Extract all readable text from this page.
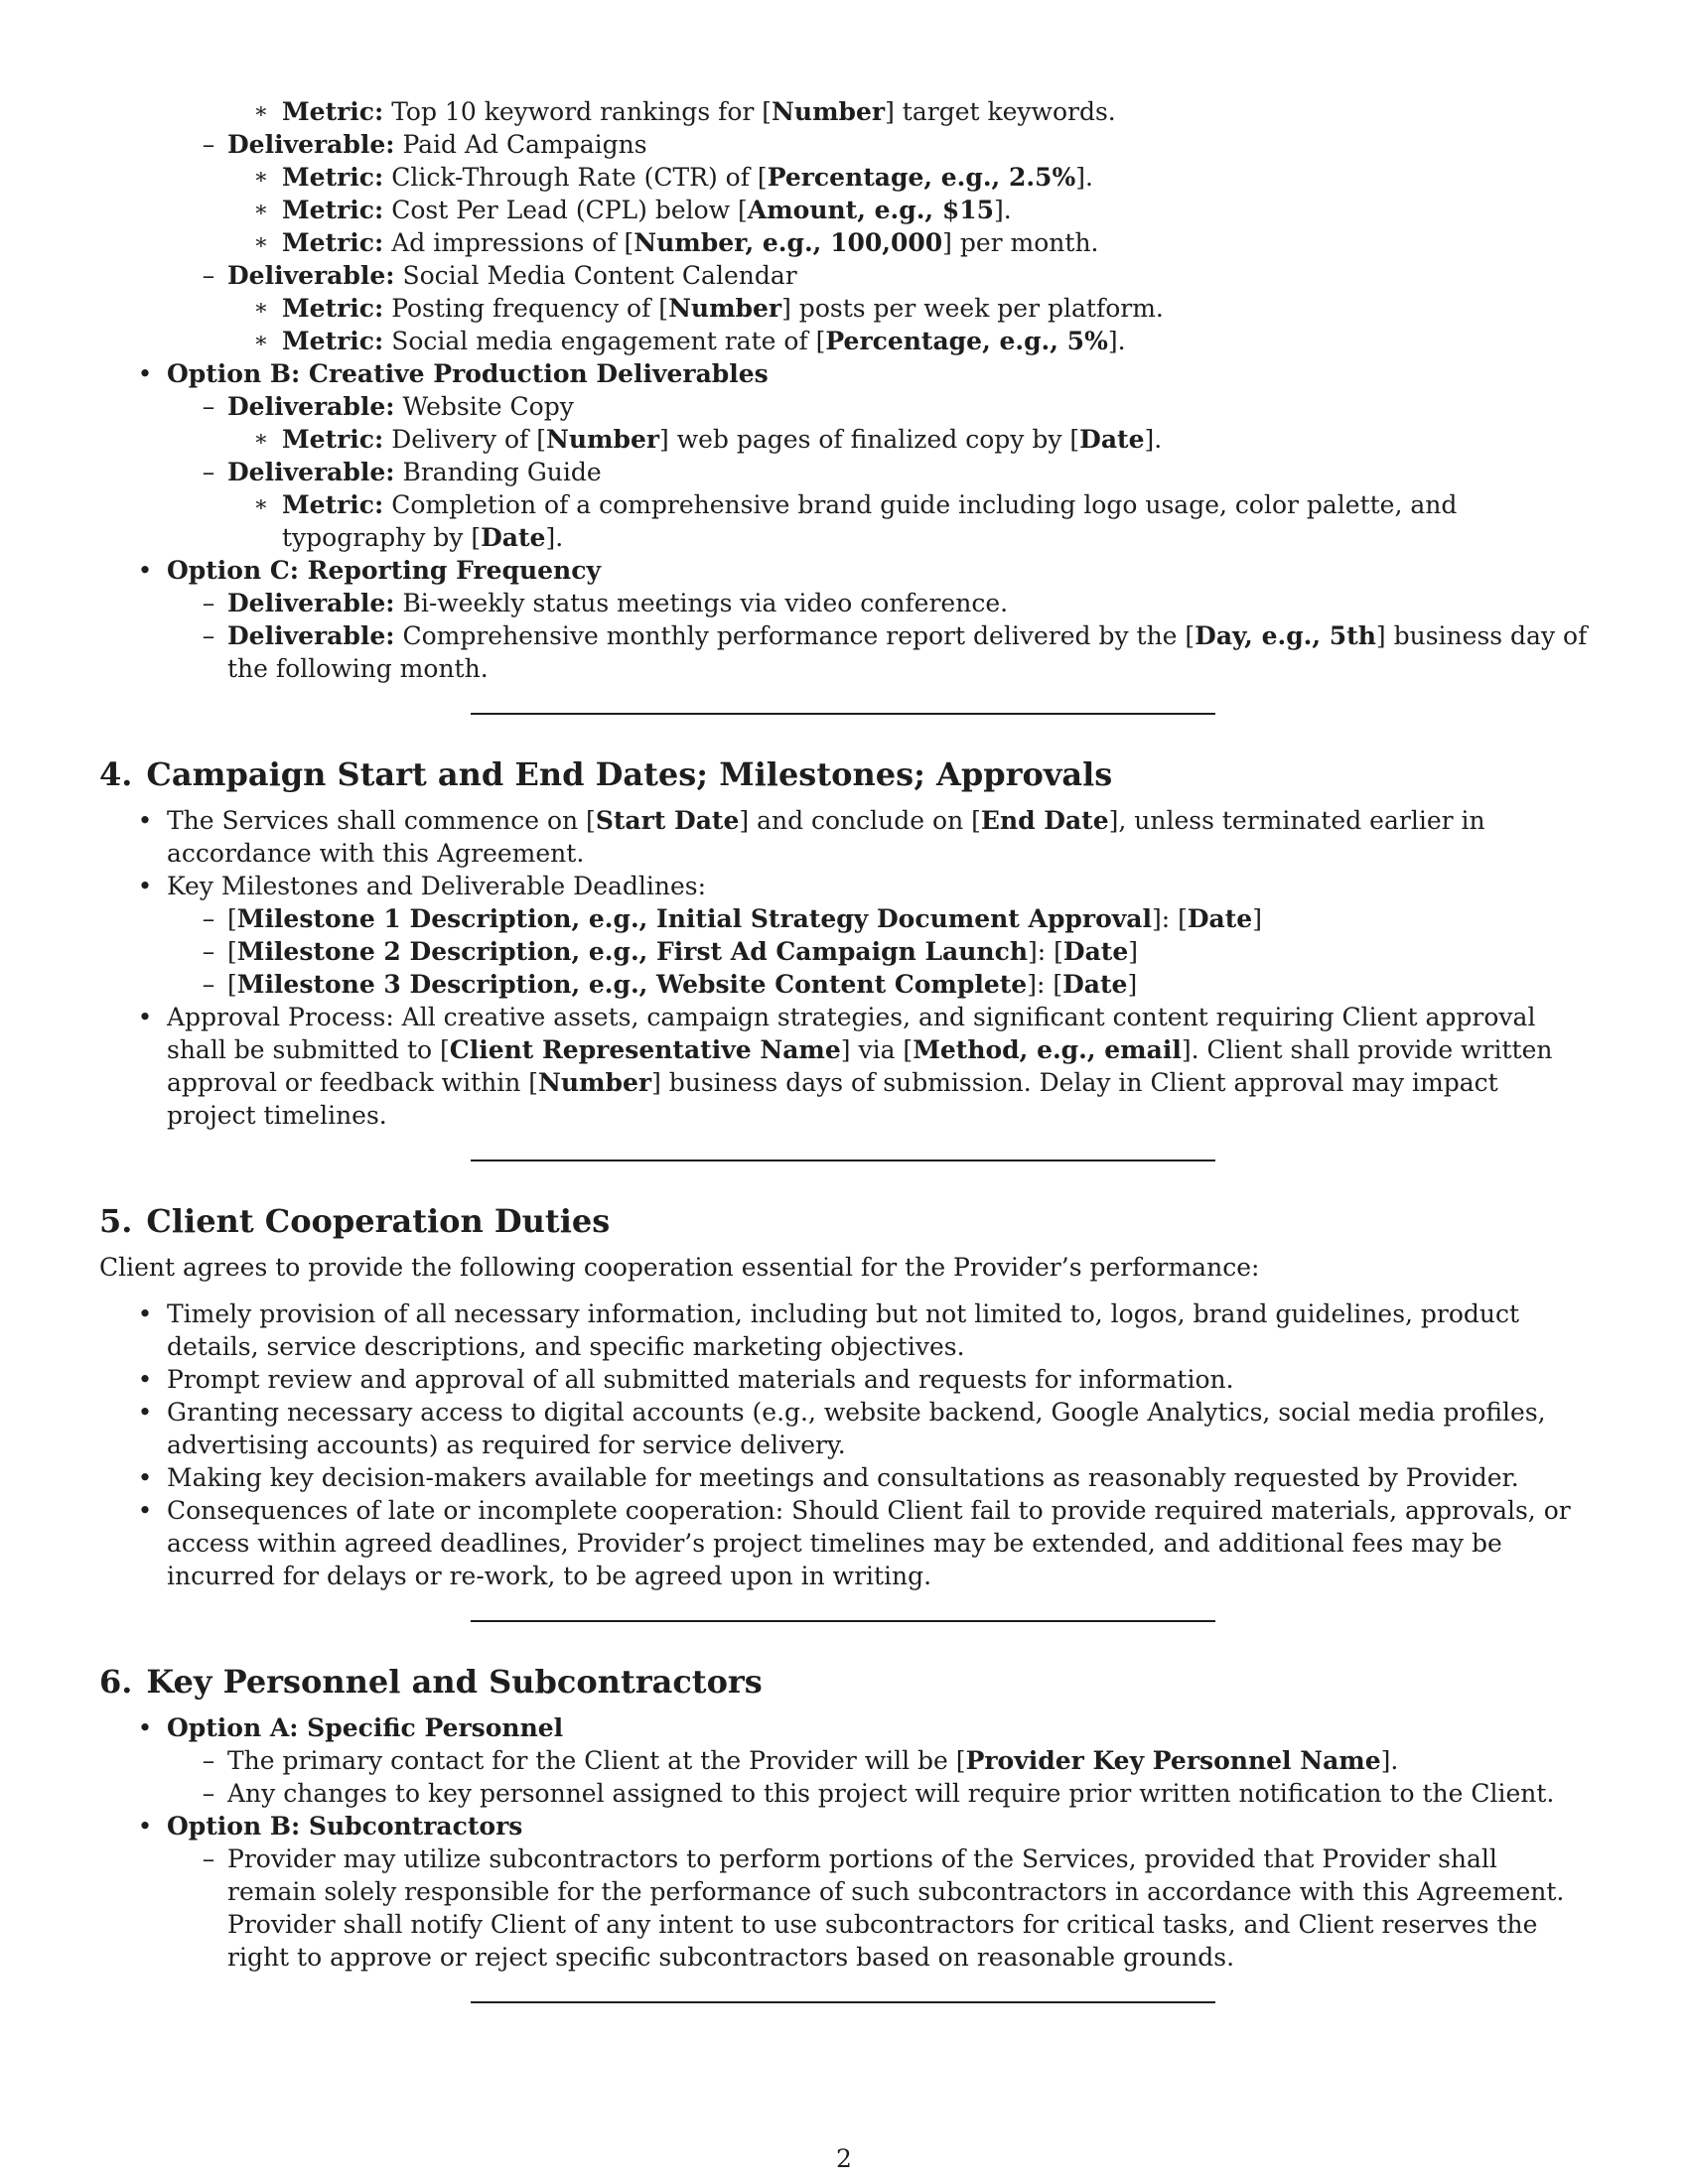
∗ Metric: Top 10 keyword rankings for [Number] target keywords.
– Deliverable: Paid Ad Campaigns
∗ Metric: Click-Through Rate (CTR) of [Percentage, e.g., 2.5%].
∗ Metric: Cost Per Lead (CPL) below [Amount, e.g., $15].
∗ Metric: Ad impressions of [Number, e.g., 100,000] per month.
– Deliverable: Social Media Content Calendar
∗ Metric: Posting frequency of [Number] posts per week per platform.
∗ Metric: Social media engagement rate of [Percentage, e.g., 5%].
• Option B: Creative Production Deliverables
– Deliverable: Website Copy
∗ Metric: Delivery of [Number] web pages of finalized copy by [Date].
– Deliverable: Branding Guide
∗ Metric: Completion of a comprehensive brand guide including logo usage, color palette, and typography by [Date].
• Option C: Reporting Frequency
– Deliverable: Bi-weekly status meetings via video conference.
– Deliverable: Comprehensive monthly performance report delivered by the [Day, e.g., 5th] business day of the following month.
4. Campaign Start and End Dates; Milestones; Approvals
• The Services shall commence on [Start Date] and conclude on [End Date], unless terminated earlier in accordance with this Agreement.
• Key Milestones and Deliverable Deadlines:
– [Milestone 1 Description, e.g., Initial Strategy Document Approval]: [Date]
– [Milestone 2 Description, e.g., First Ad Campaign Launch]: [Date]
– [Milestone 3 Description, e.g., Website Content Complete]: [Date]
• Approval Process: All creative assets, campaign strategies, and significant content requiring Client approval shall be submitted to [Client Representative Name] via [Method, e.g., email]. Client shall provide written approval or feedback within [Number] business days of submission. Delay in Client approval may impact project timelines.
5. Client Cooperation Duties
Client agrees to provide the following cooperation essential for the Provider’s performance:
• Timely provision of all necessary information, including but not limited to, logos, brand guidelines, product details, service descriptions, and specific marketing objectives.
• Prompt review and approval of all submitted materials and requests for information.
• Granting necessary access to digital accounts (e.g., website backend, Google Analytics, social media profiles, advertising accounts) as required for service delivery.
• Making key decision-makers available for meetings and consultations as reasonably requested by Provider.
• Consequences of late or incomplete cooperation: Should Client fail to provide required materials, approvals, or access within agreed deadlines, Provider’s project timelines may be extended, and additional fees may be incurred for delays or re-work, to be agreed upon in writing.
6. Key Personnel and Subcontractors
• Option A: Specific Personnel
– The primary contact for the Client at the Provider will be [Provider Key Personnel Name].
– Any changes to key personnel assigned to this project will require prior written notification to the Client.
• Option B: Subcontractors
– Provider may utilize subcontractors to perform portions of the Services, provided that Provider shall remain solely responsible for the performance of such subcontractors in accordance with this Agreement. Provider shall notify Client of any intent to use subcontractors for critical tasks, and Client reserves the right to approve or reject specific subcontractors based on reasonable grounds.
2
